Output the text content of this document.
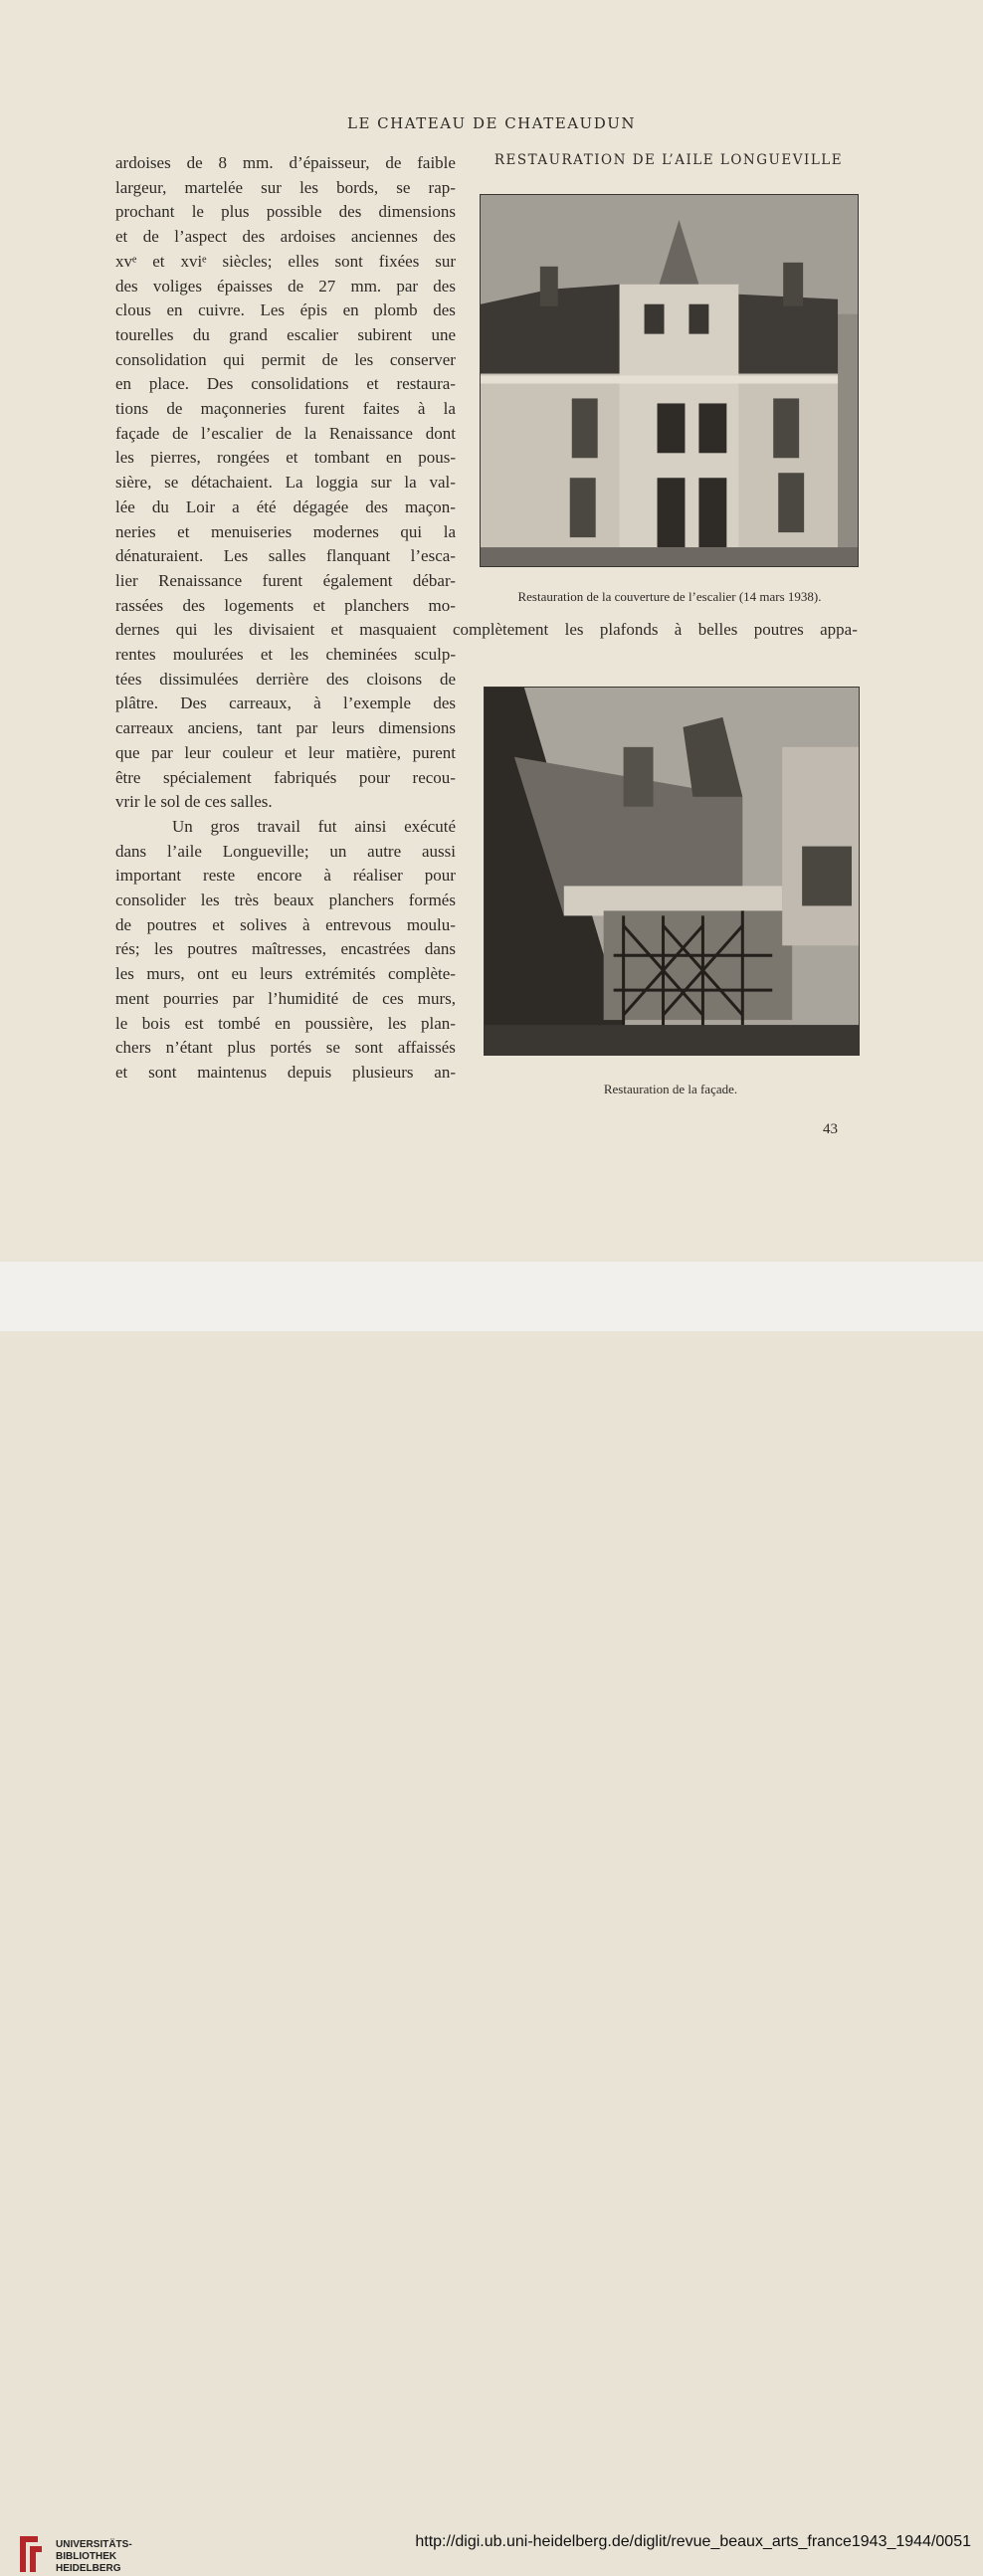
LE CHATEAU DE CHATEAUDUN
RESTAURATION DE L’AILE LONGUEVILLE
ardoises de 8 mm. d’épaisseur, de faible
largeur, martelée sur les bords, se rap-
prochant le plus possible des dimensions
et de l’aspect des ardoises anciennes des
xvᵉ et xviᵉ siècles; elles sont fixées sur
des voliges épaisses de 27 mm. par des
clous en cuivre. Les épis en plomb des
tourelles du grand escalier subirent une
consolidation qui permit de les conserver
en place. Des consolidations et restaura-
tions de maçonneries furent faites à la
façade de l’escalier de la Renaissance dont
les pierres, rongées et tombant en pous-
sière, se détachaient. La loggia sur la val-
lée du Loir a été dégagée des maçon-
neries et menuiseries modernes qui la
dénaturaient. Les salles flanquant l’esca-
lier Renaissance furent également débar-
rassées des logements et planchers mo-
dernes qui les divisaient et masquaient complètement les plafonds à belles poutres appa-
rentes moulurées et les cheminées sculp-
tées dissimulées derrière des cloisons de
plâtre. Des carreaux, à l’exemple des
carreaux anciens, tant par leurs dimensions
que par leur couleur et leur matière, purent
être spécialement fabriqués pour recou-
vrir le sol de ces salles.
Un gros travail fut ainsi exécuté
dans l’aile Longueville; un autre aussi
important reste encore à réaliser pour
consolider les très beaux planchers formés
de poutres et solives à entrevous moulu-
rés; les poutres maîtresses, encastrées dans
les murs, ont eu leurs extrémités complète-
ment pourries par l’humidité de ces murs,
le bois est tombé en poussière, les plan-
chers n’étant plus portés se sont affaissés
et sont maintenus depuis plusieurs an-
Restauration de la couverture de l’escalier (14 mars 1938).
Restauration de la façade.
43
UNIVERSITÄTS-
BIBLIOTHEK
HEIDELBERG
http://digi.ub.uni-heidelberg.de/diglit/revue_beaux_arts_france1943_1944/0051
